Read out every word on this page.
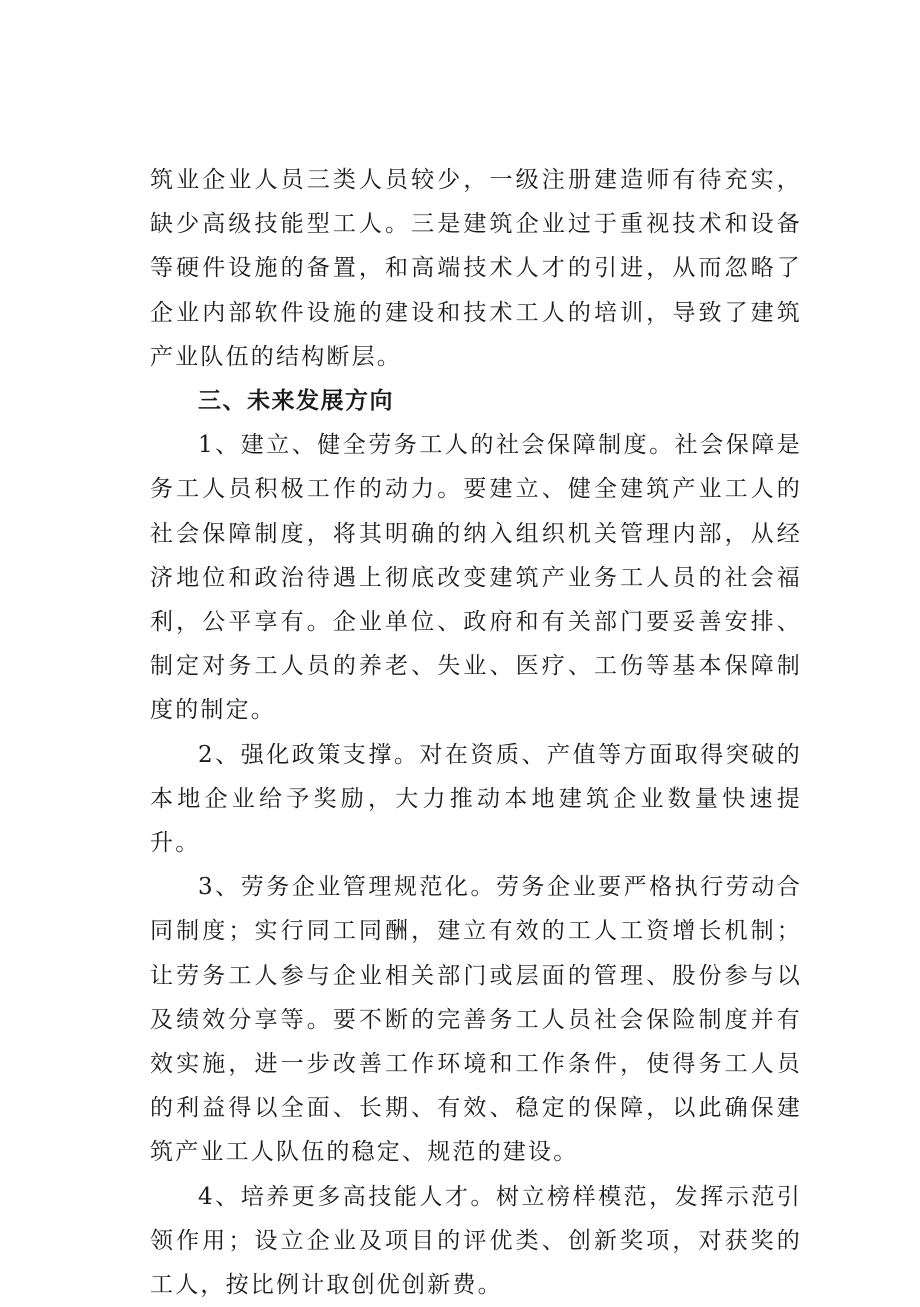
筑业企业人员三类人员较少，一级注册建造师有待充实，缺少高级技能型工人。三是建筑企业过于重视技术和设备等硬件设施的备置，和高端技术人才的引进，从而忽略了企业内部软件设施的建设和技术工人的培训，导致了建筑产业队伍的结构断层。

三、未来发展方向

1、建立、健全劳务工人的社会保障制度。社会保障是务工人员积极工作的动力。要建立、健全建筑产业工人的社会保障制度，将其明确的纳入组织机关管理内部，从经济地位和政治待遇上彻底改变建筑产业务工人员的社会福利，公平享有。企业单位、政府和有关部门要妥善安排、制定对务工人员的养老、失业、医疗、工伤等基本保障制度的制定。

2、强化政策支撑。对在资质、产值等方面取得突破的本地企业给予奖励，大力推动本地建筑企业数量快速提升。

3、劳务企业管理规范化。劳务企业要严格执行劳动合同制度；实行同工同酬，建立有效的工人工资增长机制；让劳务工人参与企业相关部门或层面的管理、股份参与以及绩效分享等。要不断的完善务工人员社会保险制度并有效实施，进一步改善工作环境和工作条件，使得务工人员的利益得以全面、长期、有效、稳定的保障，以此确保建筑产业工人队伍的稳定、规范的建设。

4、培养更多高技能人才。树立榜样模范，发挥示范引领作用；设立企业及项目的评优类、创新奖项，对获奖的工人，按比例计取创优创新费。
